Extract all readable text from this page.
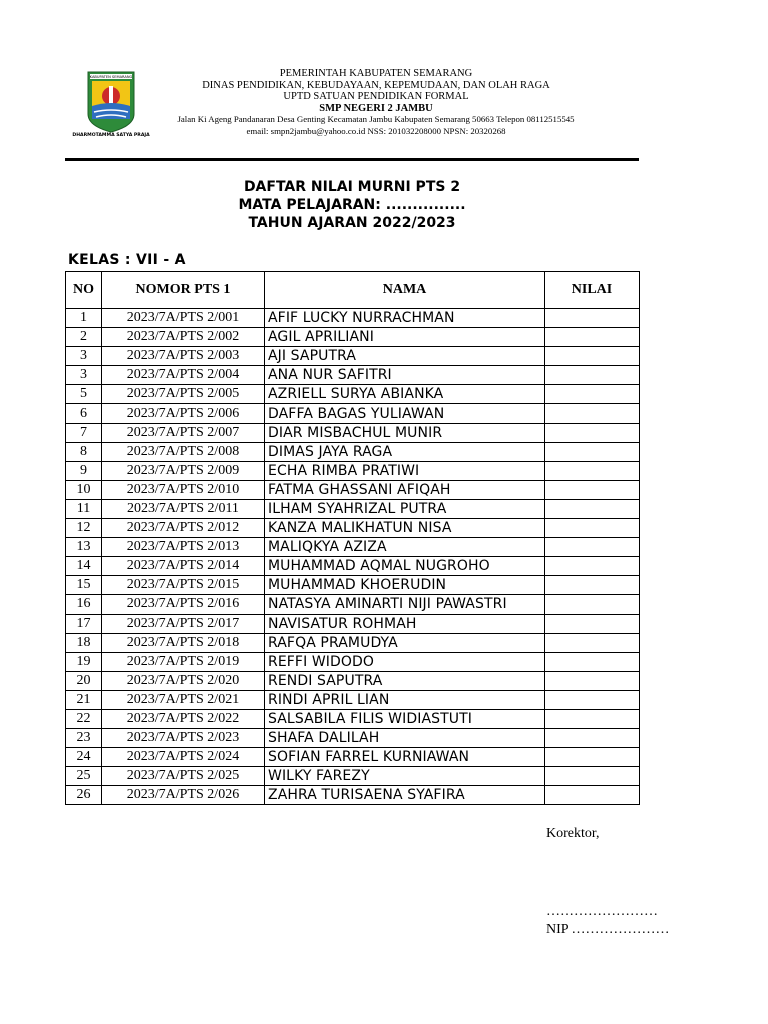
KABUPATEN SEMARANG
DHARMOTAMMA SATYA PRAJA
PEMERINTAH KABUPATEN SEMARANG
DINAS PENDIDIKAN, KEBUDAYAAN, KEPEMUDAAN, DAN OLAH RAGA
UPTD SATUAN PENDIDIKAN FORMAL
SMP NEGERI 2 JAMBU
Jalan Ki Ageng Pandanaran Desa Genting Kecamatan Jambu Kabupaten Semarang 50663 Telepon 08112515545
email: smpn2jambu@yahoo.co.id NSS: 201032208000 NPSN: 20320268
DAFTAR NILAI MURNI PTS 2
MATA PELAJARAN: ...............
TAHUN AJARAN 2022/2023
KELAS : VII - A
NO	NOMOR PTS 1	NAMA	NILAI
1	2023/7A/PTS 2/001	AFIF LUCKY NURRACHMAN	
2	2023/7A/PTS 2/002	AGIL APRILIANI	
3	2023/7A/PTS 2/003	AJI SAPUTRA	
3	2023/7A/PTS 2/004	ANA NUR SAFITRI	
5	2023/7A/PTS 2/005	AZRIELL SURYA ABIANKA	
6	2023/7A/PTS 2/006	DAFFA BAGAS YULIAWAN	
7	2023/7A/PTS 2/007	DIAR MISBACHUL MUNIR	
8	2023/7A/PTS 2/008	DIMAS JAYA RAGA	
9	2023/7A/PTS 2/009	ECHA RIMBA PRATIWI	
10	2023/7A/PTS 2/010	FATMA GHASSANI AFIQAH	
11	2023/7A/PTS 2/011	ILHAM SYAHRIZAL PUTRA	
12	2023/7A/PTS 2/012	KANZA MALIKHATUN NISA	
13	2023/7A/PTS 2/013	MALIQKYA AZIZA	
14	2023/7A/PTS 2/014	MUHAMMAD AQMAL NUGROHO	
15	2023/7A/PTS 2/015	MUHAMMAD KHOERUDIN	
16	2023/7A/PTS 2/016	NATASYA AMINARTI NIJI PAWASTRI	
17	2023/7A/PTS 2/017	NAVISATUR ROHMAH	
18	2023/7A/PTS 2/018	RAFQA PRAMUDYA	
19	2023/7A/PTS 2/019	REFFI WIDODO	
20	2023/7A/PTS 2/020	RENDI SAPUTRA	
21	2023/7A/PTS 2/021	RINDI APRIL LIAN	
22	2023/7A/PTS 2/022	SALSABILA FILIS WIDIASTUTI	
23	2023/7A/PTS 2/023	SHAFA DALILAH	
24	2023/7A/PTS 2/024	SOFIAN FARREL KURNIAWAN	
25	2023/7A/PTS 2/025	WILKY FAREZY	
26	2023/7A/PTS 2/026	ZAHRA TURISAENA SYAFIRA	
Korektor,
……………………
NIP …………………
